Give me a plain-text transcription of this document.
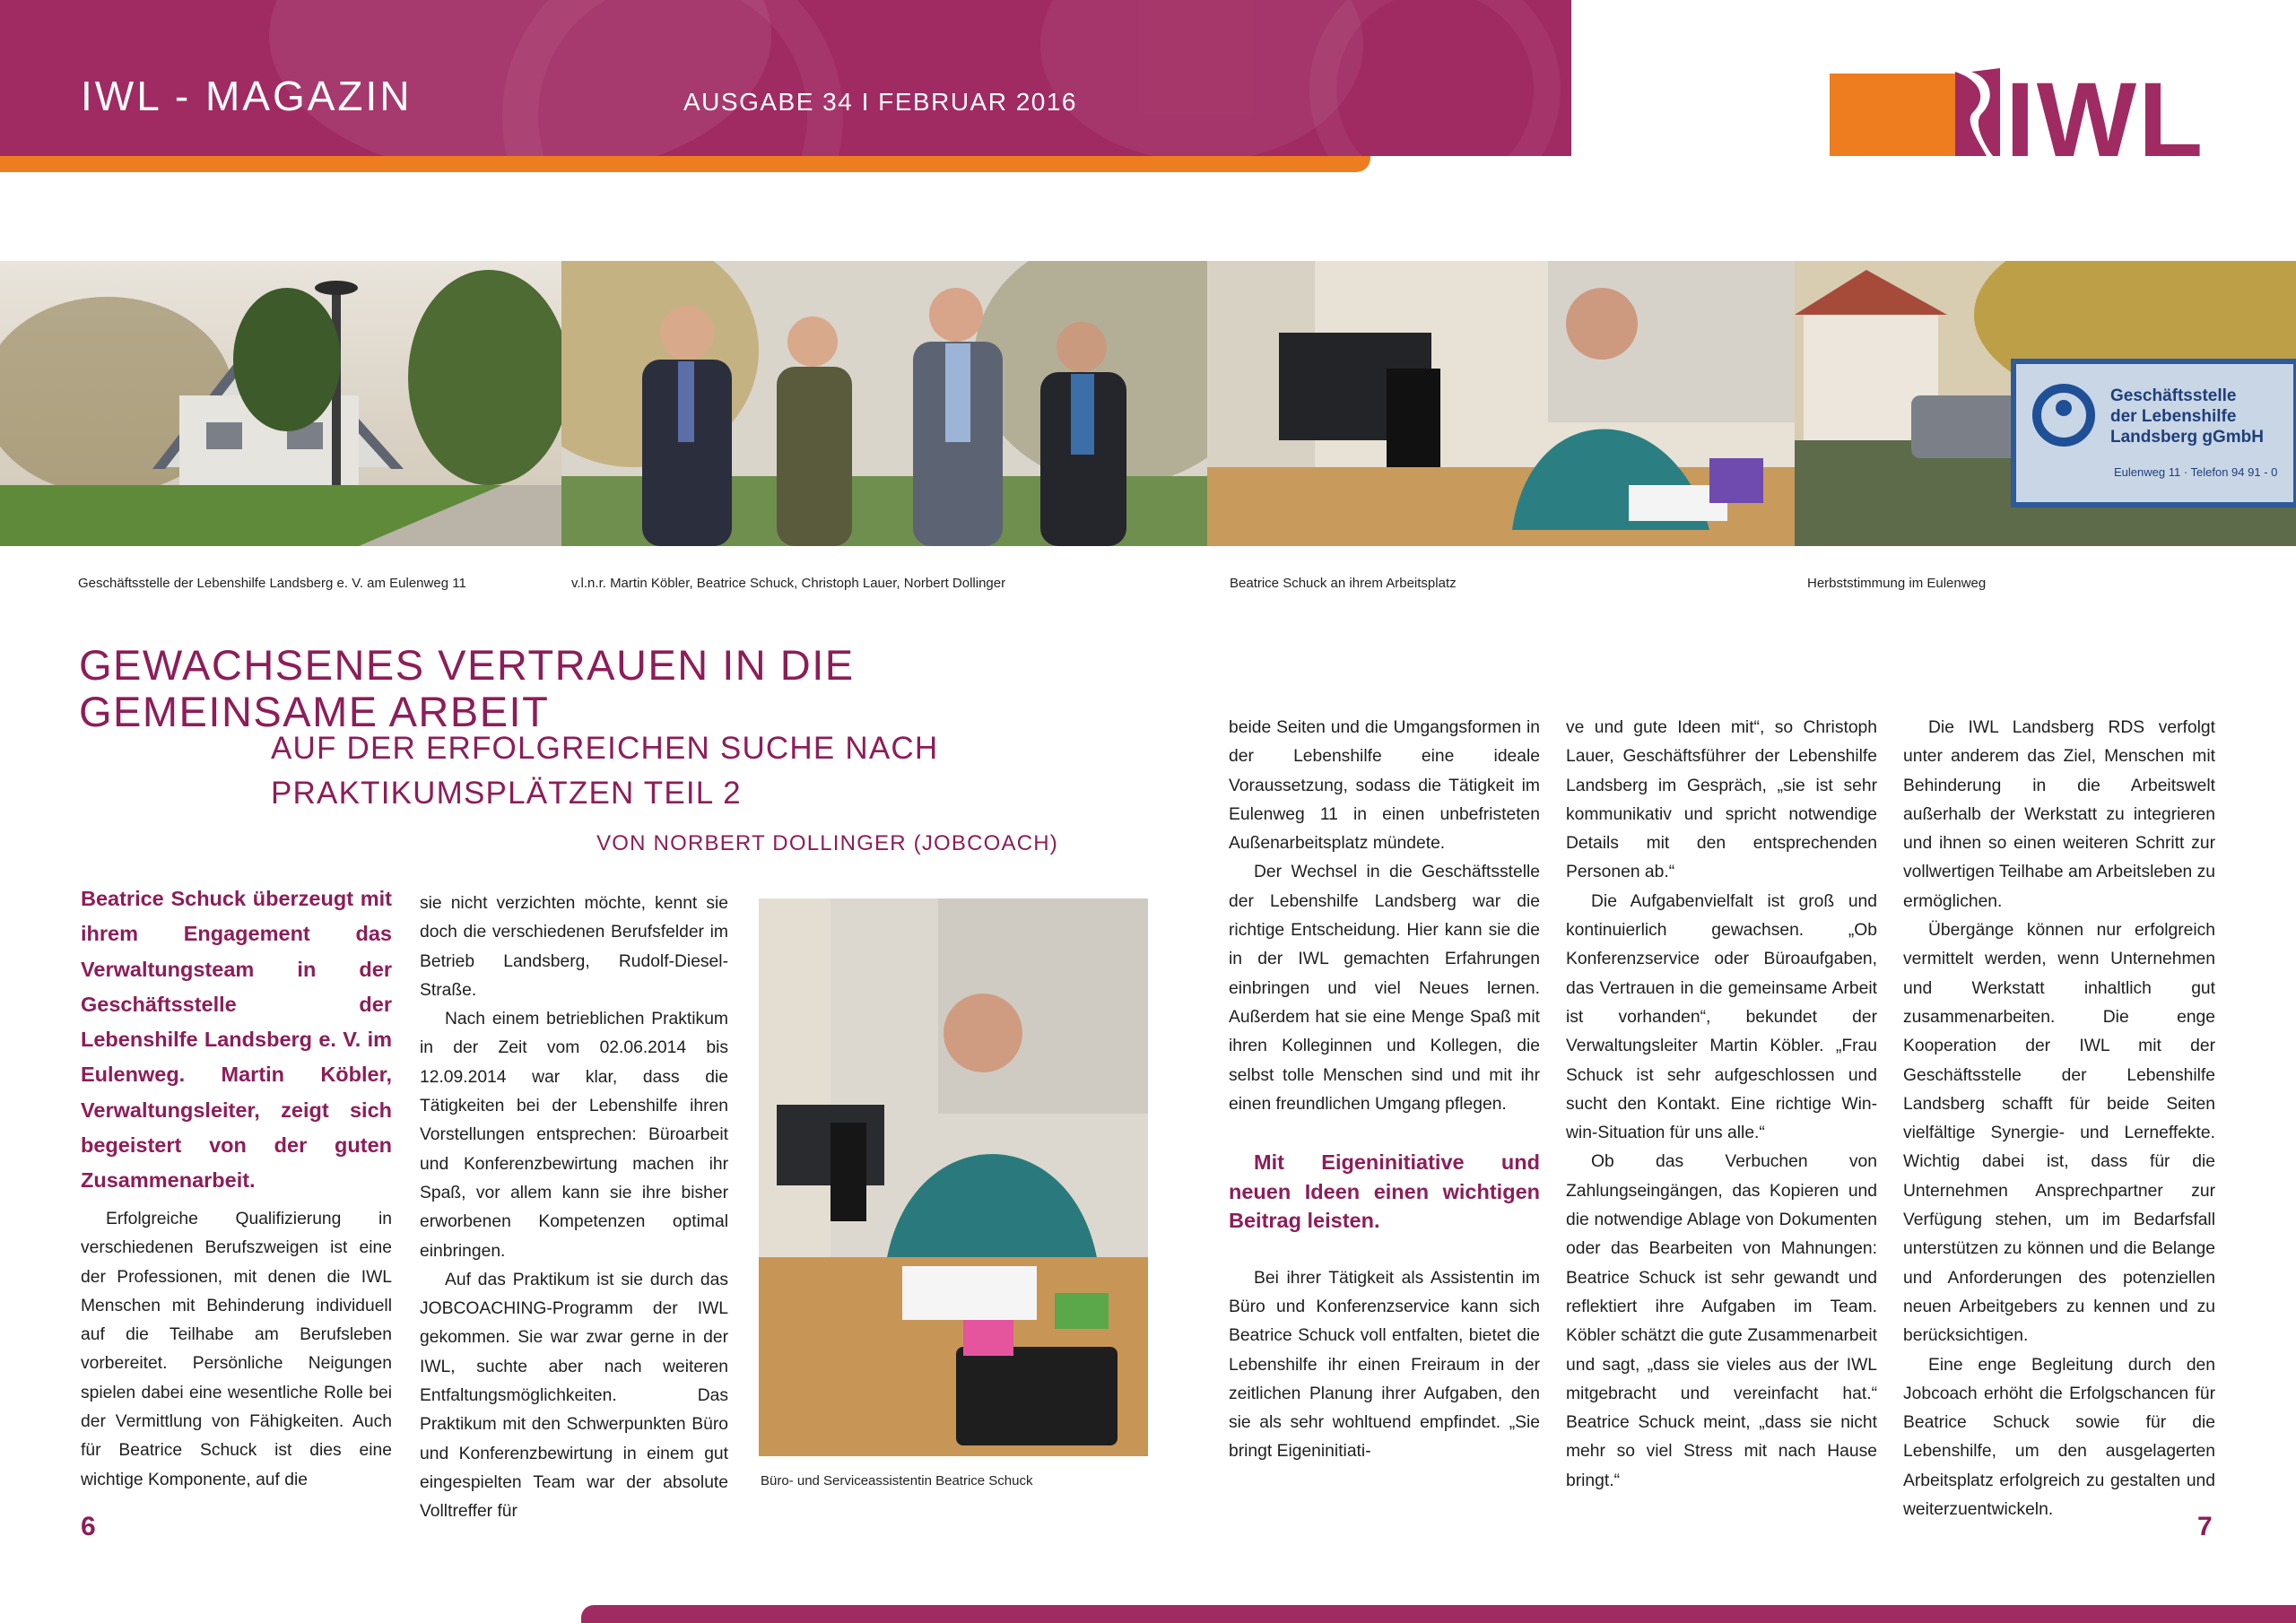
IWL - MAGAZIN	AUSGABE 34 I FEBRUAR 2016	IWL
Geschäftsstelle
der Lebenshilfe
Landsberg gGmbH
Eulenweg 11 · Telefon 94 91 - 0
Geschäftsstelle der Lebenshilfe Landsberg e. V. am Eulenweg 11	v.l.n.r. Martin Köbler, Beatrice Schuck, Christoph Lauer, Norbert Dollinger	Beatrice Schuck an ihrem Arbeitsplatz	Herbststimmung im Eulenweg
GEWACHSENES VERTRAUEN IN DIE GEMEINSAME ARBEIT
AUF DER ERFOLGREICHEN SUCHE NACH
PRAKTIKUMSPLÄTZEN TEIL 2
VON NORBERT DOLLINGER (JOBCOACH)
Beatrice Schuck überzeugt mit ihrem Engagement das Verwaltungsteam in der Geschäftsstelle der Lebenshilfe Landsberg e. V. im Eulenweg. Martin Köbler, Verwaltungsleiter, zeigt sich begeistert von der guten Zusammenarbeit.

Erfolgreiche Qualifizierung in verschiedenen Berufszweigen ist eine der Professionen, mit denen die IWL Menschen mit Behinderung individuell auf die Teilhabe am Berufsleben vorbereitet. Persönliche Neigungen spielen dabei eine wesentliche Rolle bei der Vermittlung von Fähigkeiten. Auch für Beatrice Schuck ist dies eine wichtige Komponente, auf die

sie nicht verzichten möchte, kennt sie doch die verschiedenen Berufsfelder im Betrieb Landsberg, Rudolf-Diesel-Straße.

Nach einem betrieblichen Praktikum in der Zeit vom 02.06.2014 bis 12.09.2014 war klar, dass die Tätigkeiten bei der Lebenshilfe ihren Vorstellungen entsprechen: Büroarbeit und Konferenzbewirtung machen ihr Spaß, vor allem kann sie ihre bisher erworbenen Kompetenzen optimal einbringen.

Auf das Praktikum ist sie durch das JOBCOACHING-Programm der IWL gekommen. Sie war zwar gerne in der IWL, suchte aber nach weiteren Entfaltungsmöglichkeiten. Das Praktikum mit den Schwerpunkten Büro und Konferenzbewirtung in einem gut eingespielten Team war der absolute Volltreffer für

Büro- und Serviceassistentin Beatrice Schuck

beide Seiten und die Umgangsformen in der Lebenshilfe eine ideale Voraussetzung, sodass die Tätigkeit im Eulenweg 11 in einen unbefristeten Außenarbeitsplatz mündete.

Der Wechsel in die Geschäftsstelle der Lebenshilfe Landsberg war die richtige Entscheidung. Hier kann sie die in der IWL gemachten Erfahrungen einbringen und viel Neues lernen. Außerdem hat sie eine Menge Spaß mit ihren Kolleginnen und Kollegen, die selbst tolle Menschen sind und mit ihr einen freundlichen Umgang pflegen.

Mit Eigeninitiative und neuen Ideen einen wichtigen Beitrag leisten.

Bei ihrer Tätigkeit als Assistentin im Büro und Konferenzservice kann sich Beatrice Schuck voll entfalten, bietet die Lebenshilfe ihr einen Freiraum in der zeitlichen Planung ihrer Aufgaben, den sie als sehr wohltuend empfindet. „Sie bringt Eigeninitiati-

ve und gute Ideen mit“, so Christoph Lauer, Geschäftsführer der Lebenshilfe Landsberg im Gespräch, „sie ist sehr kommunikativ und spricht notwendige Details mit den entsprechenden Personen ab.“

Die Aufgabenvielfalt ist groß und kontinuierlich gewachsen. „Ob Konferenzservice oder Büroaufgaben, das Vertrauen in die gemeinsame Arbeit ist vorhanden“, bekundet der Verwaltungsleiter Martin Köbler. „Frau Schuck ist sehr aufgeschlossen und sucht den Kontakt. Eine richtige Win-win-Situation für uns alle.“

Ob das Verbuchen von Zahlungseingängen, das Kopieren und die notwendige Ablage von Dokumenten oder das Bearbeiten von Mahnungen: Beatrice Schuck ist sehr gewandt und reflektiert ihre Aufgaben im Team. Köbler schätzt die gute Zusammenarbeit und sagt, „dass sie vieles aus der IWL mitgebracht und vereinfacht hat.“ Beatrice Schuck meint, „dass sie nicht mehr so viel Stress mit nach Hause bringt.“

Die IWL Landsberg RDS verfolgt unter anderem das Ziel, Menschen mit Behinderung in die Arbeitswelt außerhalb der Werkstatt zu integrieren und ihnen so einen weiteren Schritt zur vollwertigen Teilhabe am Arbeitsleben zu ermöglichen.

Übergänge können nur erfolgreich vermittelt werden, wenn Unternehmen und Werkstatt inhaltlich gut zusammenarbeiten. Die enge Kooperation der IWL mit der Geschäftsstelle der Lebenshilfe Landsberg schafft für beide Seiten vielfältige Synergie- und Lerneffekte. Wichtig dabei ist, dass für die Unternehmen Ansprechpartner zur Verfügung stehen, um im Bedarfsfall unterstützen zu können und die Belange und Anforderungen des potenziellen neuen Arbeitgebers zu kennen und zu berücksichtigen.

Eine enge Begleitung durch den Jobcoach erhöht die Erfolgschancen für Beatrice Schuck sowie für die Lebenshilfe, um den ausgelagerten Arbeitsplatz erfolgreich zu gestalten und weiterzuentwickeln.

6	7
